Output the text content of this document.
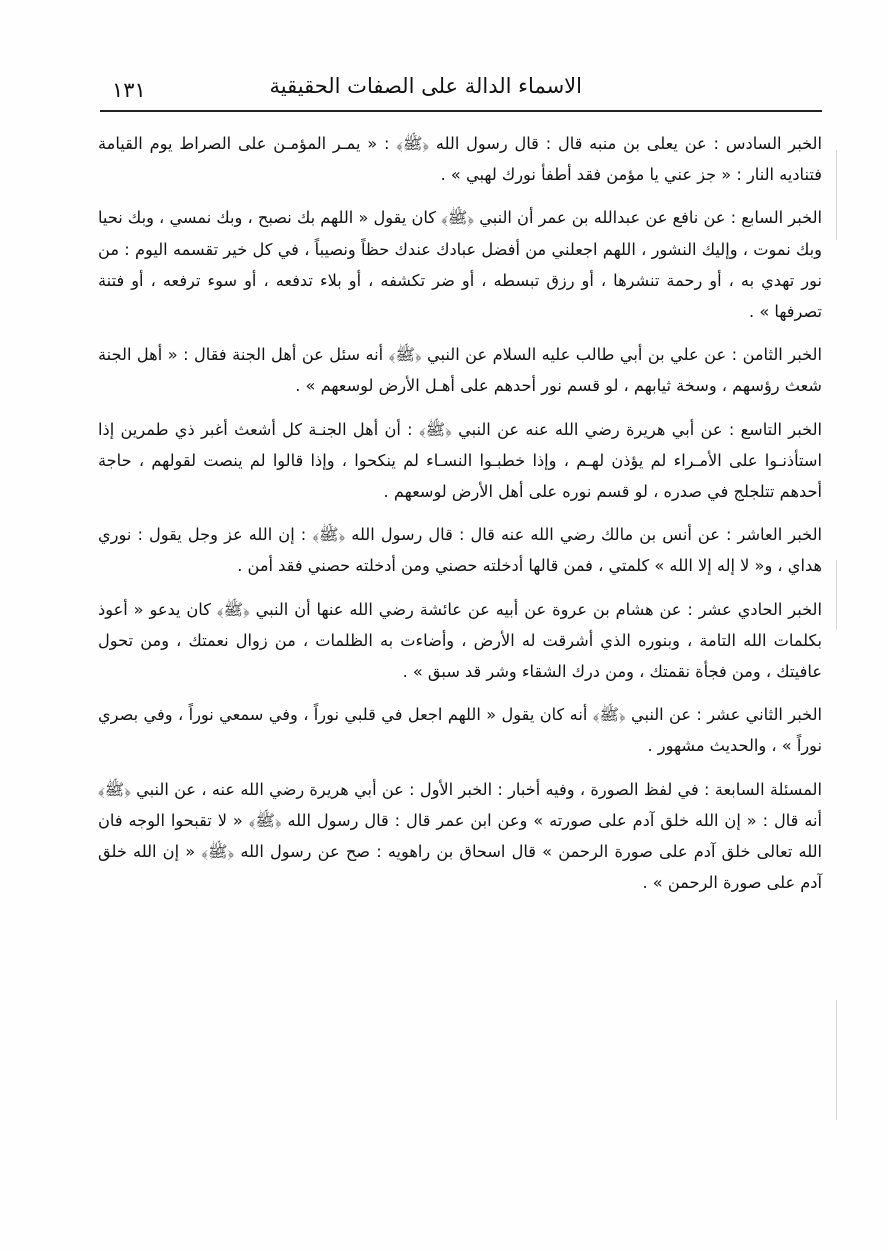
الاسماء الدالة على الصفات الحقيقية
١٣١

الخبر السادس : عن يعلى بن منبه قال : قال رسول الله ﴿ﷺ﴾ : « يمـر المؤمـن على الصراط يوم القيامة فتناديه النار : « جز عني يا مؤمن فقد أطفأ نورك لهبي » .

الخبر السابع : عن نافع عن عبدالله بن عمر أن النبي ﴿ﷺ﴾ كان يقول « اللهم بك نصبح ، وبك نمسي ، وبك نحيا وبك نموت ، وإليك النشور ، اللهم اجعلني من أفضل عبادك عندك حظاً ونصيباً ، في كل خير تقسمه اليوم : من نور تهدي به ، أو رحمة تنشرها ، أو رزق تبسطه ، أو ضر تكشفه ، أو بلاء تدفعه ، أو سوء ترفعه ، أو فتنة تصرفها » .

الخبر الثامن : عن علي بن أبي طالب عليه السلام عن النبي ﴿ﷺ﴾ أنه سئل عن أهل الجنة فقال : « أهل الجنة شعث رؤسهم ، وسخة ثيابهم ، لو قسم نور أحدهم على أهـل الأرض لوسعهم » .

الخبر التاسع : عن أبي هريرة رضي الله عنه عن النبي ﴿ﷺ﴾ : أن أهل الجنـة كل أشعث أغبر ذي طمرين إذا استأذنـوا على الأمـراء لم يؤذن لهـم ، وإذا خطبـوا النسـاء لم ينكحوا ، وإذا قالوا لم ينصت لقولهم ، حاجة أحدهم تتلجلج في صدره ، لو قسم نوره على أهل الأرض لوسعهم .

الخبر العاشر : عن أنس بن مالك رضي الله عنه قال : قال رسول الله ﴿ﷺ﴾ : إن الله عز وجل يقول : نوري هداي ، و« لا إله إلا الله » كلمتي ، فمن قالها أدخلته حصني ومن أدخلته حصني فقد أمن .

الخبر الحادي عشر : عن هشام بن عروة عن أبيه عن عائشة رضي الله عنها أن النبي ﴿ﷺ﴾ كان يدعو « أعوذ بكلمات الله التامة ، وبنوره الذي أشرقت له الأرض ، وأضاءت به الظلمات ، من زوال نعمتك ، ومن تحول عافيتك ، ومن فجأة نقمتك ، ومن درك الشقاء وشر قد سبق » .

الخبر الثاني عشر : عن النبي ﴿ﷺ﴾ أنه كان يقول « اللهم اجعل في قلبي نوراً ، وفي سمعي نوراً ، وفي بصري نوراً » ، والحديث مشهور .

المسئلة السابعة : في لفظ الصورة ، وفيه أخبار : الخبر الأول : عن أبي هريرة رضي الله عنه ، عن النبي ﴿ﷺ﴾ أنه قال : « إن الله خلق آدم على صورته » وعن ابن عمر قال : قال رسول الله ﴿ﷺ﴾ « لا تقبحوا الوجه فان الله تعالى خلق آدم على صورة الرحمن » قال اسحاق بن راهويه : صح عن رسول الله ﴿ﷺ﴾ « إن الله خلق آدم على صورة الرحمن » .
